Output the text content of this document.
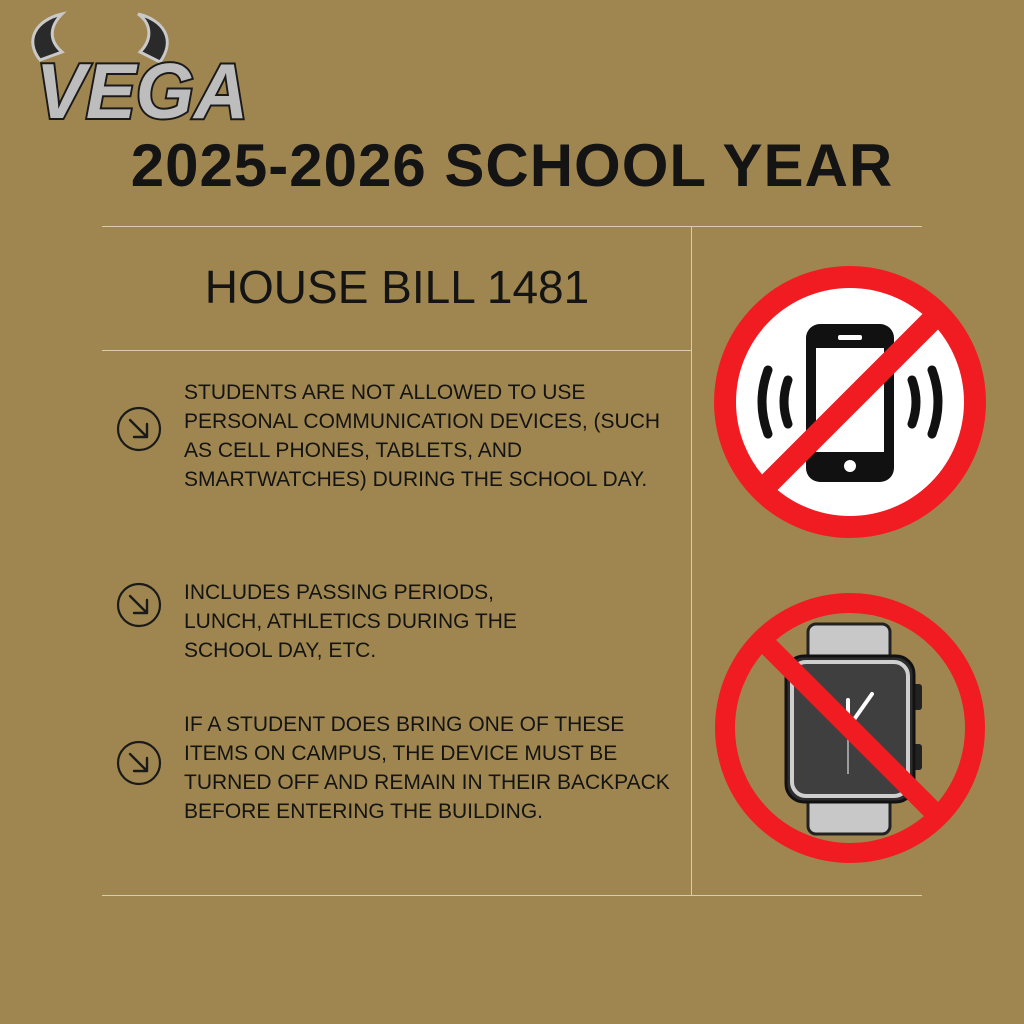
VEGA
2025-2026 SCHOOL YEAR
HOUSE BILL 1481
STUDENTS ARE NOT ALLOWED TO USE PERSONAL COMMUNICATION DEVICES, (SUCH AS CELL PHONES, TABLETS, AND SMARTWATCHES) DURING THE SCHOOL DAY.
INCLUDES PASSING PERIODS, LUNCH, ATHLETICS DURING THE SCHOOL DAY, ETC.
IF A STUDENT DOES BRING ONE OF THESE ITEMS ON CAMPUS, THE DEVICE MUST BE TURNED OFF AND REMAIN IN THEIR BACKPACK BEFORE ENTERING THE BUILDING.
